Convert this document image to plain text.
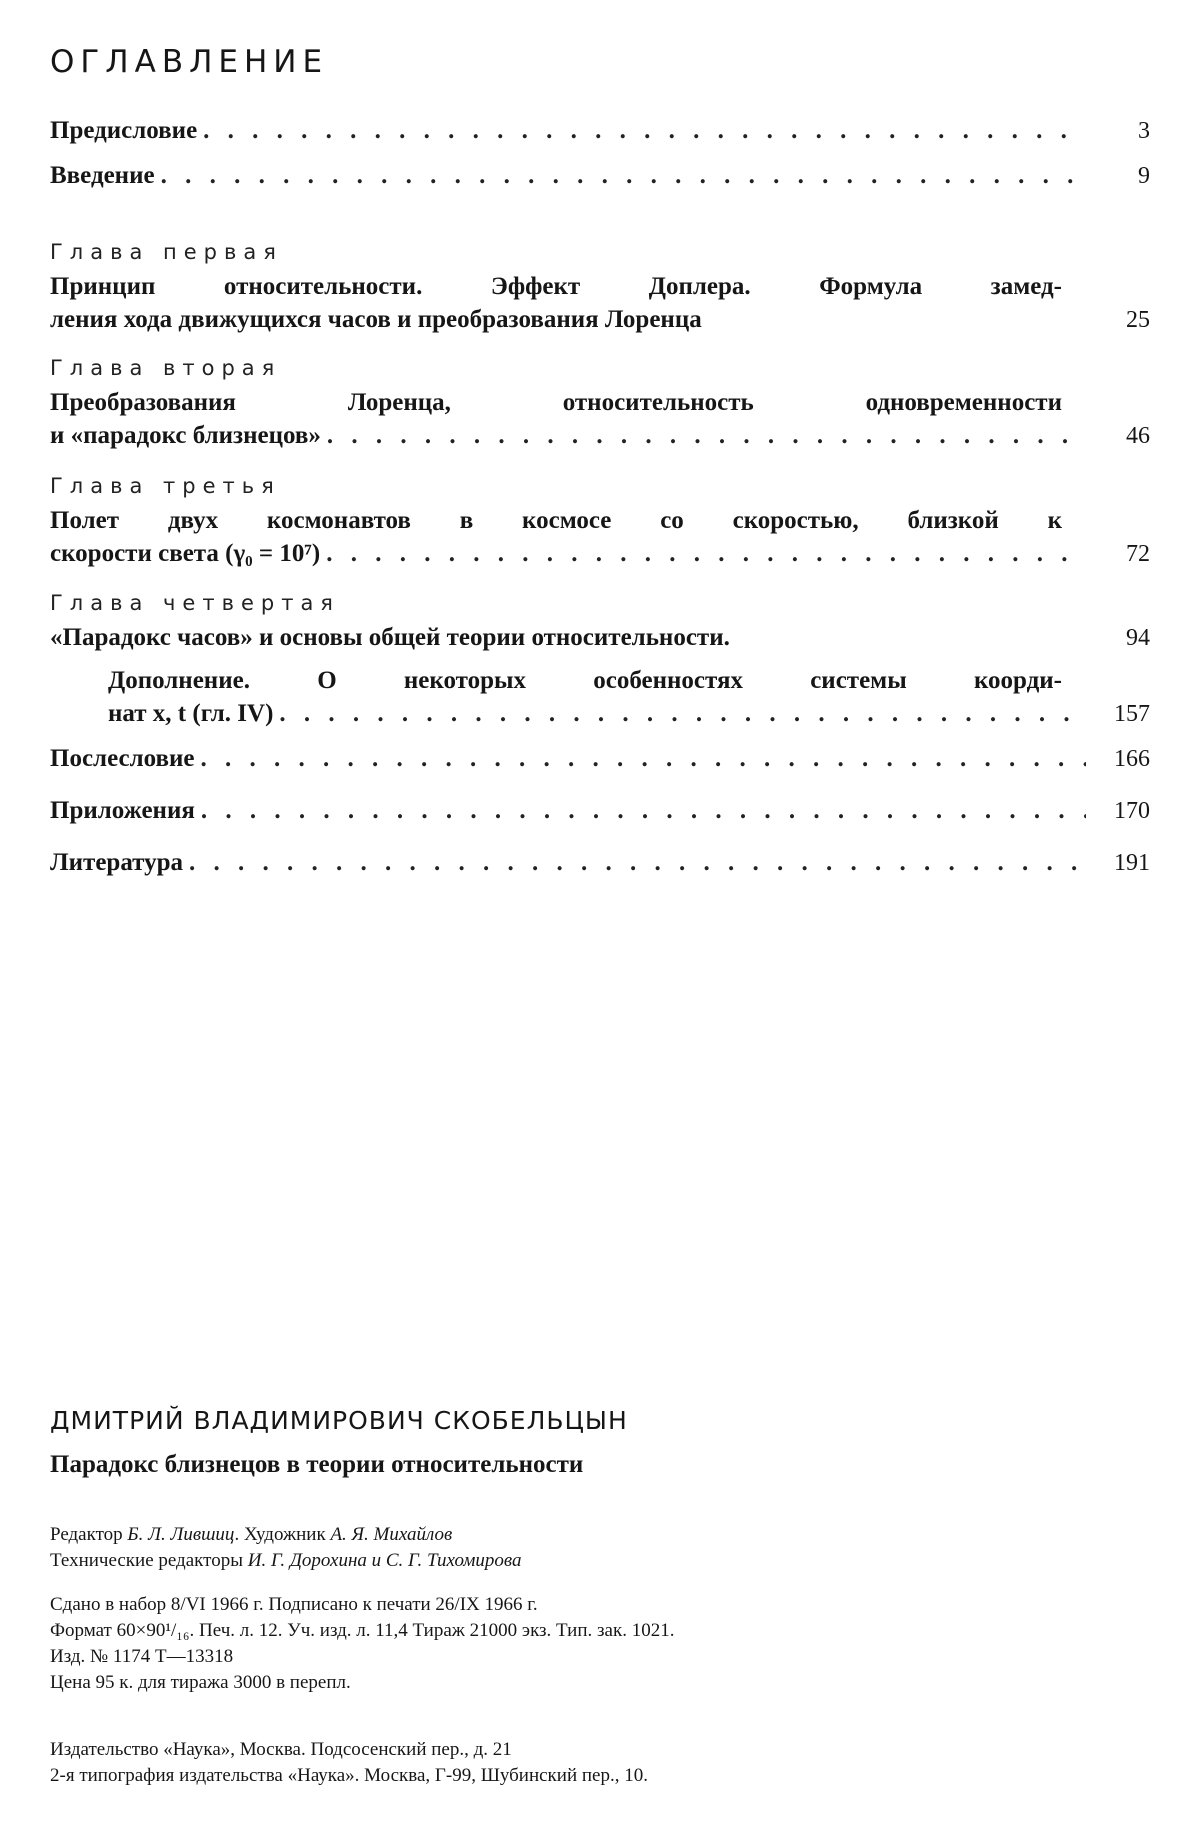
ОГЛАВЛЕНИЕ
Предисловие . . .	3
Введение . . .	9
Глава первая
Принцип относительности. Эффект Доплера. Формула замед-
ления хода движущихся часов и преобразования Лоренца	25
Глава вторая
Преобразования Лоренца, относительность одновременности
и «парадокс близнецов» . . .	46
Глава третья
Полет двух космонавтов в космосе со скоростью, близкой к
скорости света (γ₀ = 10⁷) . . .	72
Глава четвертая
«Парадокс часов» и основы общей теории относительности.	94
Дополнение. О некоторых особенностях системы коорди-
нат x, t (гл. IV) . . .	157
Послесловие . . .	166
Приложения . . .	170
Литература . . .	191
ДМИТРИЙ ВЛАДИМИРОВИЧ СКОБЕЛЬЦЫН
Парадокс близнецов в теории относительности
Редактор Б. Л. Лившиц. Художник А. Я. Михайлов
Технические редакторы И. Г. Дорохина и С. Г. Тихомирова
Сдано в набор 8/VI 1966 г. Подписано к печати 26/IX 1966 г.
Формат 60×90¹/₁₆. Печ. л. 12. Уч. изд. л. 11,4 Тираж 21000 экз. Тип. зак. 1021.
Изд. № 1174 Т—13318
Цена 95 к. для тиража 3000 в перепл.
Издательство «Наука», Москва. Подсосенский пер., д. 21
2-я типография издательства «Наука». Москва, Г-99, Шубинский пер., 10.
